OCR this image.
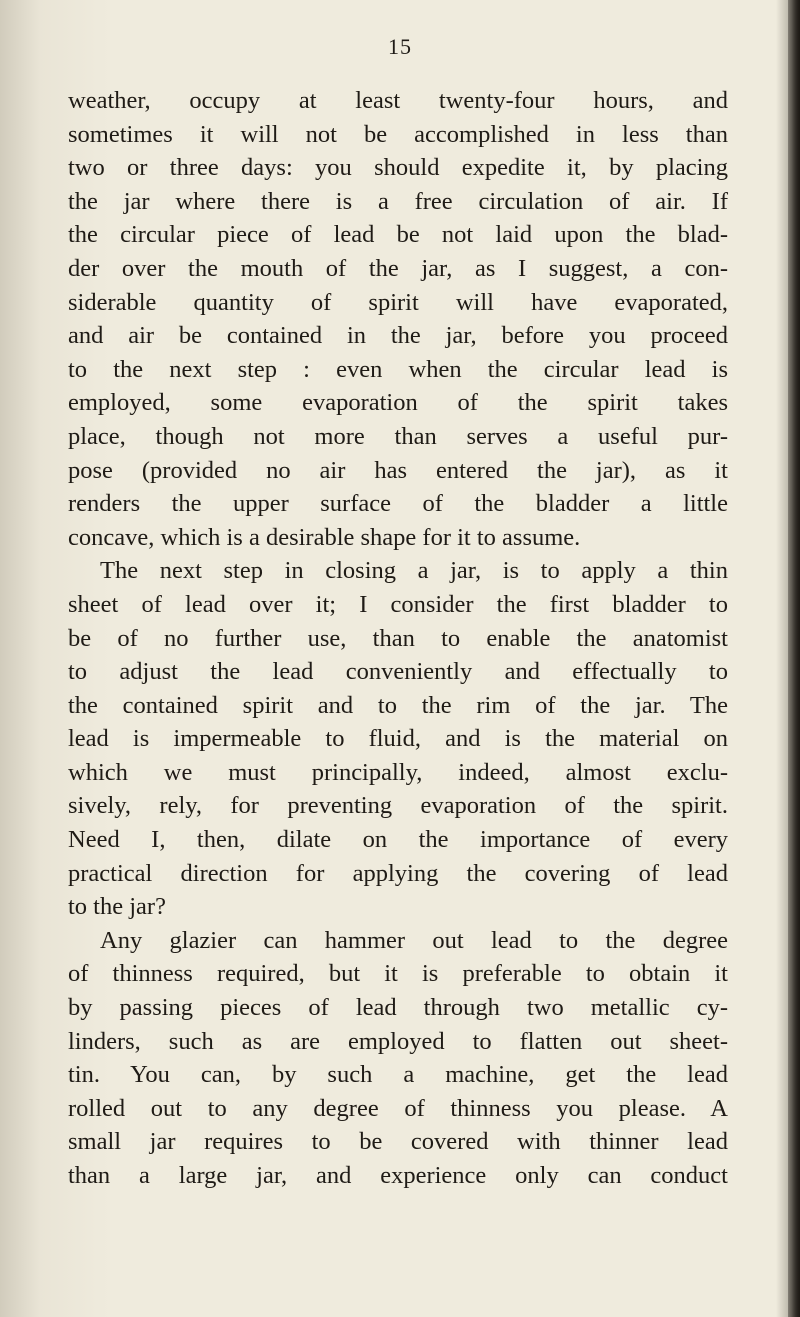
15
weather, occupy at least twenty-four hours, and
sometimes it will not be accomplished in less than
two or three days: you should expedite it, by placing
the jar where there is a free circulation of air. If
the circular piece of lead be not laid upon the blad-
der over the mouth of the jar, as I suggest, a con-
siderable quantity of spirit will have evaporated,
and air be contained in the jar, before you proceed
to the next step : even when the circular lead is
employed, some evaporation of the spirit takes
place, though not more than serves a useful pur-
pose (provided no air has entered the jar), as it
renders the upper surface of the bladder a little
concave, which is a desirable shape for it to assume.
The next step in closing a jar, is to apply a thin
sheet of lead over it; I consider the first bladder to
be of no further use, than to enable the anatomist
to adjust the lead conveniently and effectually to
the contained spirit and to the rim of the jar. The
lead is impermeable to fluid, and is the material on
which we must principally, indeed, almost exclu-
sively, rely, for preventing evaporation of the spirit.
Need I, then, dilate on the importance of every
practical direction for applying the covering of lead
to the jar?
Any glazier can hammer out lead to the degree
of thinness required, but it is preferable to obtain it
by passing pieces of lead through two metallic cy-
linders, such as are employed to flatten out sheet-
tin. You can, by such a machine, get the lead
rolled out to any degree of thinness you please. A
small jar requires to be covered with thinner lead
than a large jar, and experience only can conduct
